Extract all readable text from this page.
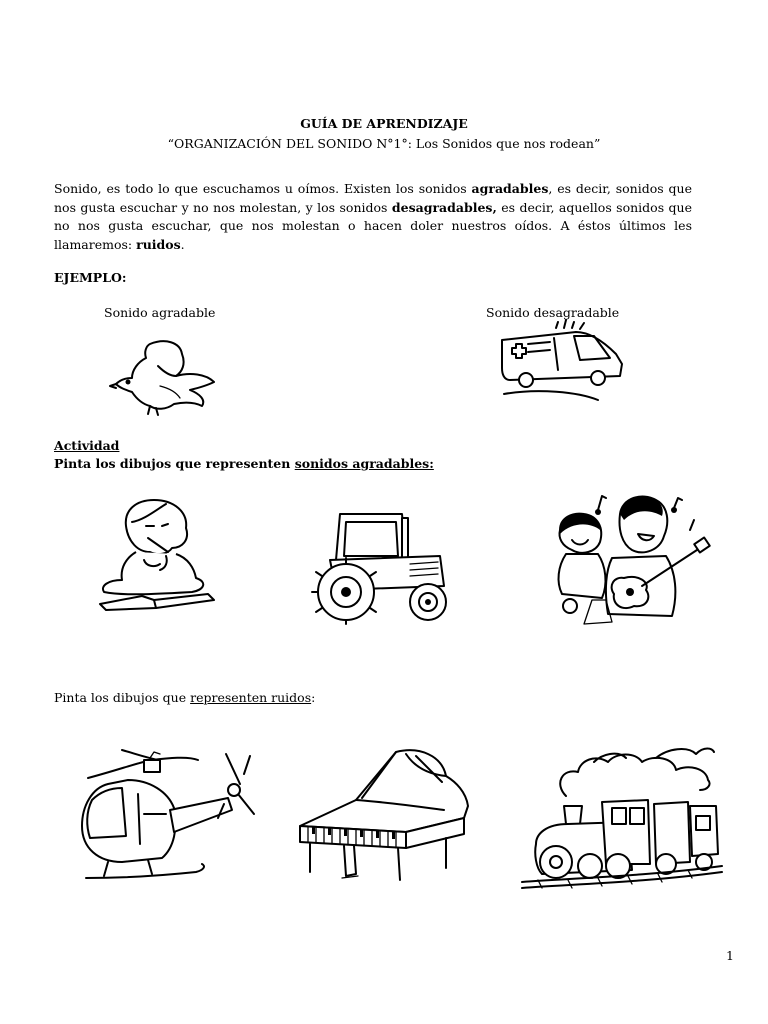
GUÍA DE APRENDIZAJE
“ORGANIZACIÓN DEL SONIDO N°1°: Los Sonidos que nos rodean”
Sonido, es todo lo que escuchamos u oímos. Existen los sonidos agradables, es decir, sonidos que nos gusta escuchar y no nos molestan, y los sonidos desagradables, es decir, aquellos sonidos que no nos gusta escuchar, que nos molestan o hacen doler nuestros oídos. A éstos últimos les llamaremos: ruidos.
EJEMPLO:
Sonido agradable	Sonido desagradable
Actividad
Pinta los dibujos que representen sonidos agradables:
Pinta los dibujos que representen ruidos:
1
